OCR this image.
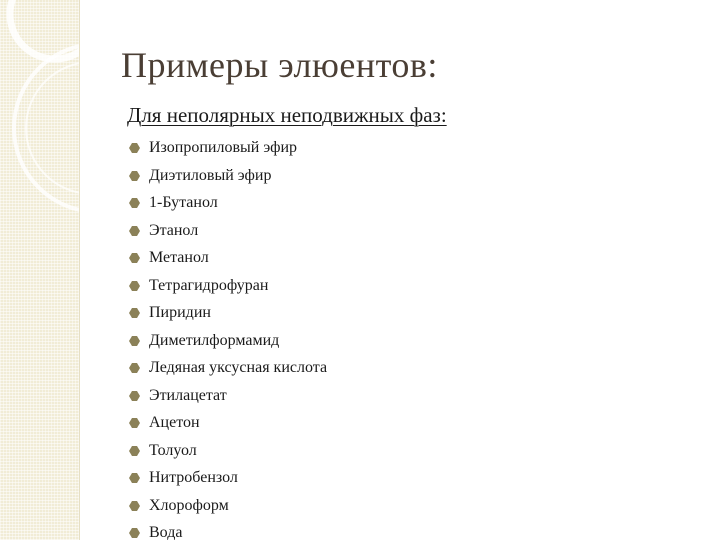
Примеры элюентов:

Для неполярных неподвижных фаз:

Изопропиловый эфир
Диэтиловый эфир
1-Бутанол
Этанол
Метанол
Тетрагидрофуран
Пиридин
Диметилформамид
Ледяная уксусная кислота
Этилацетат
Ацетон
Толуол
Нитробензол
Хлороформ
Вода
